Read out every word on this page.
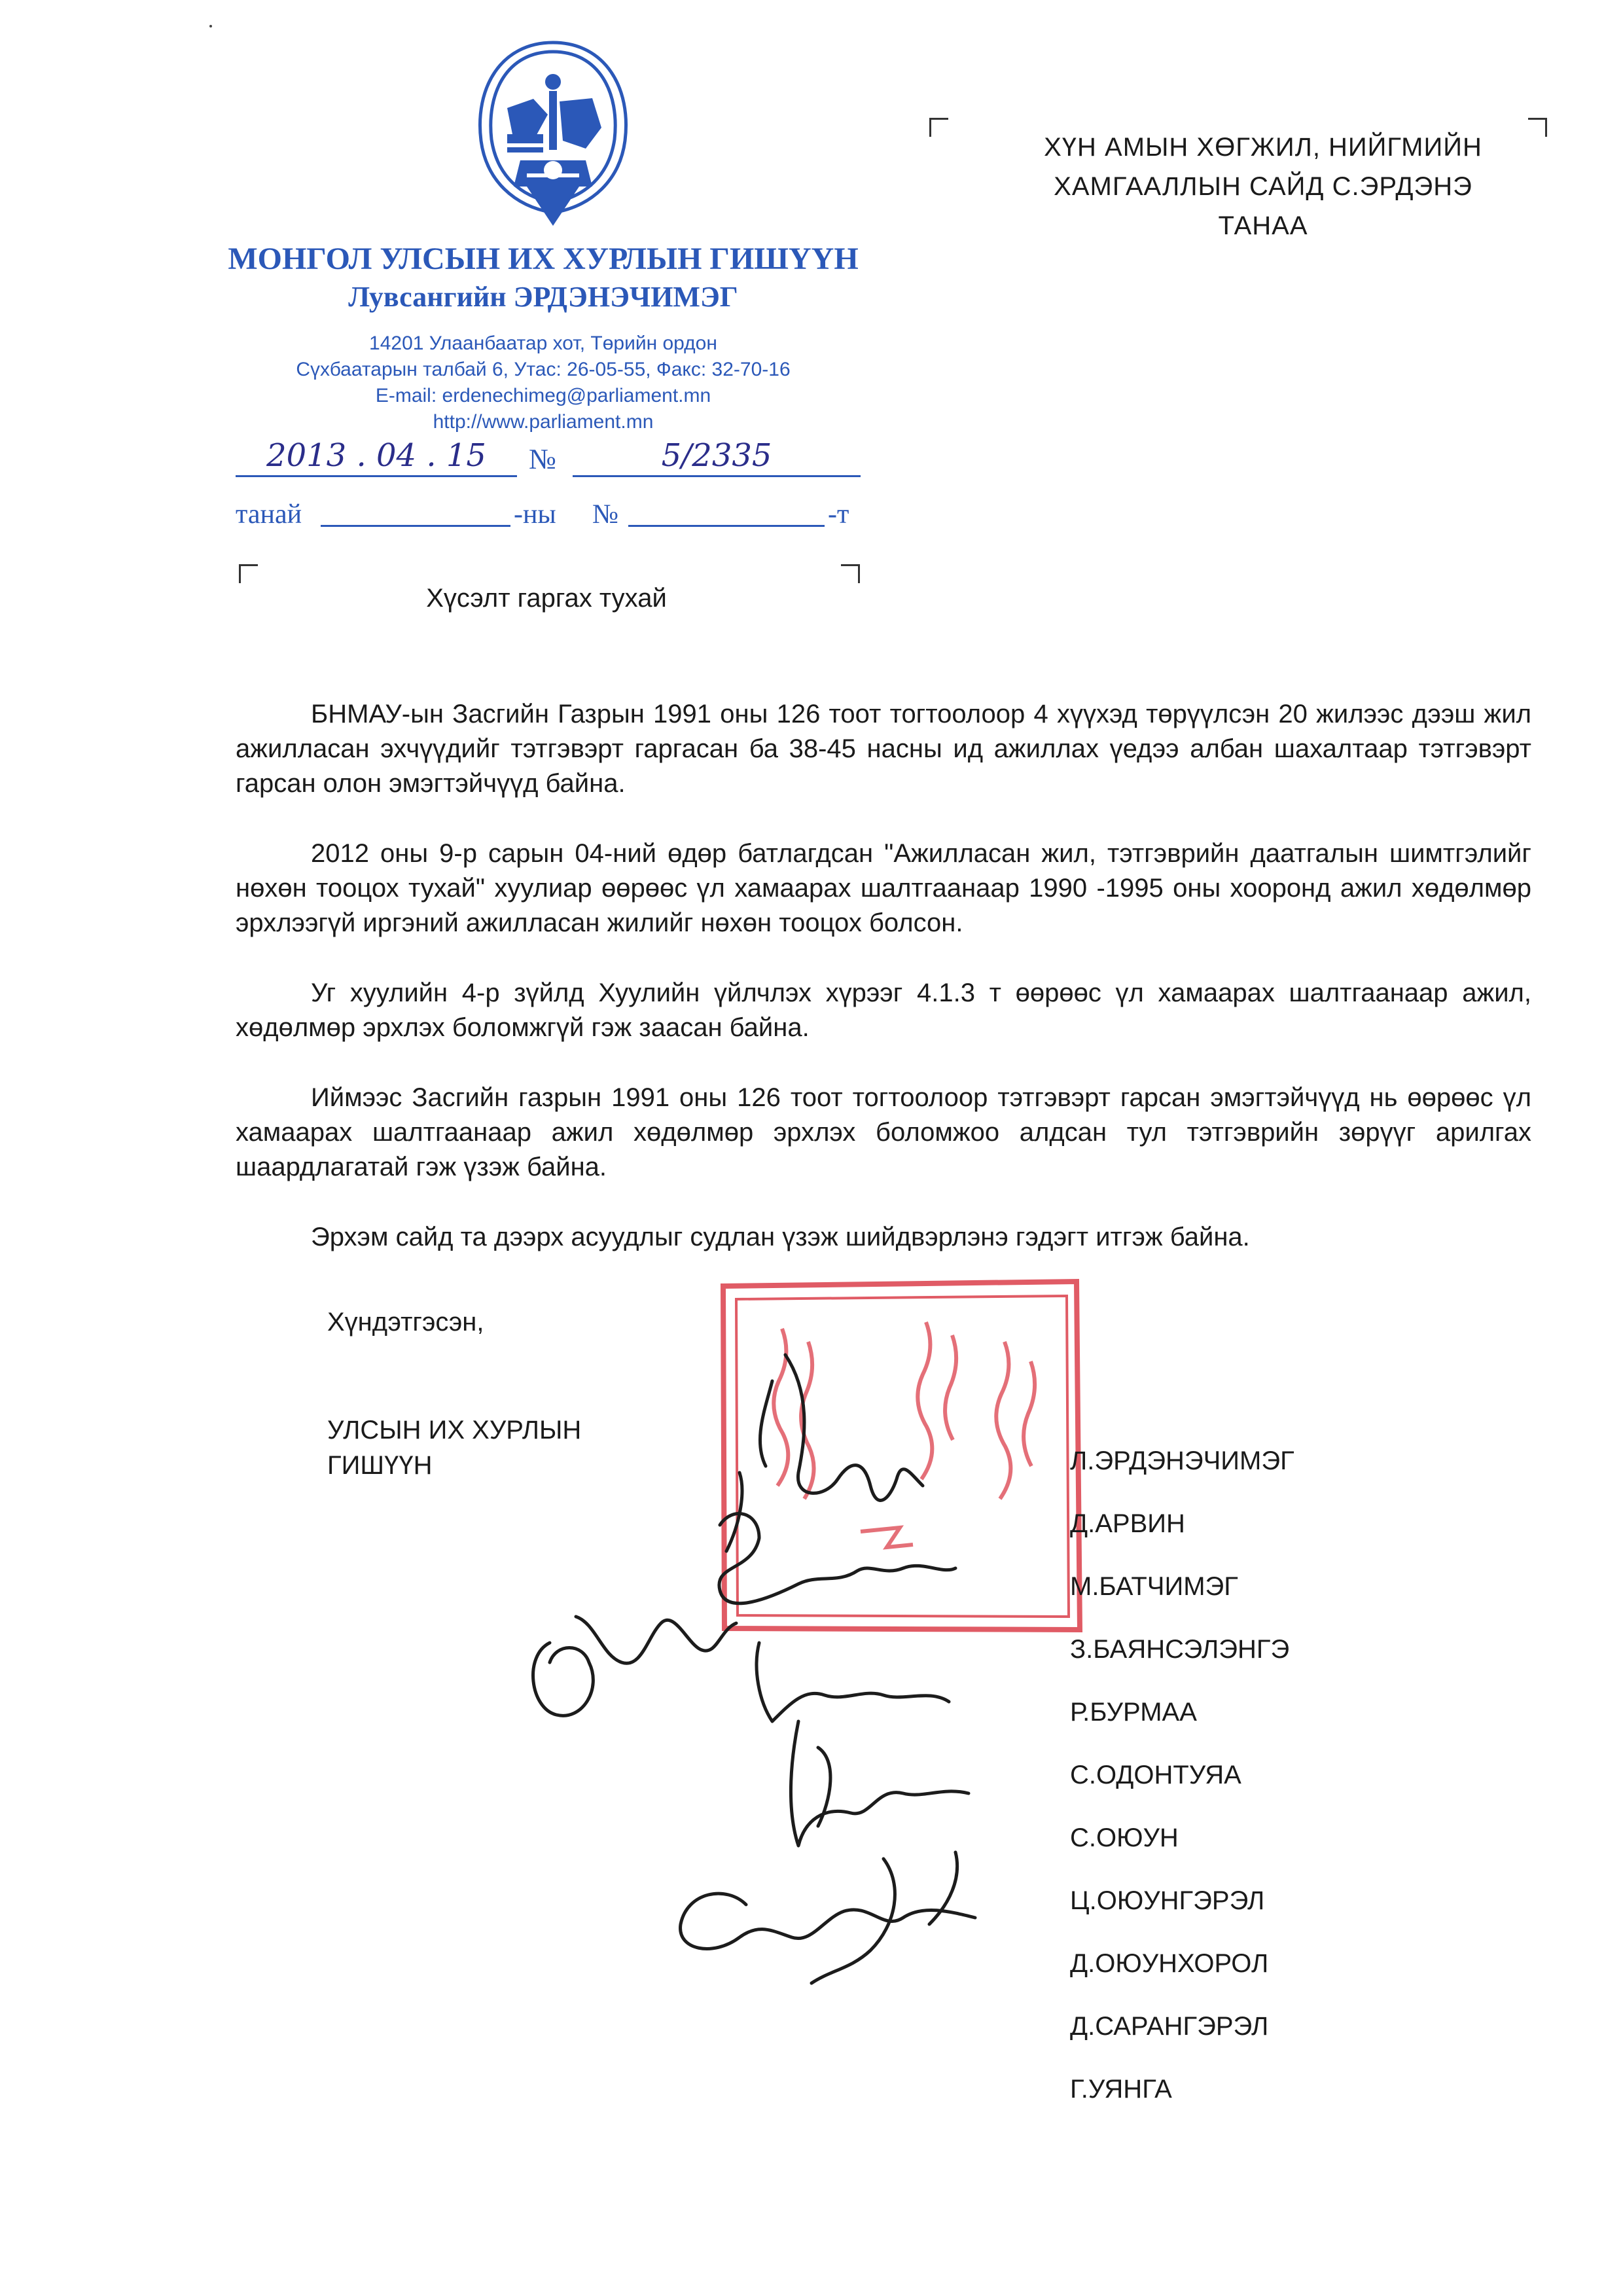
МОНГОЛ УЛСЫН ИХ ХУРЛЫН ГИШҮҮН
Лувсангийн ЭРДЭНЭЧИМЭГ
14201 Улаанбаатар хот, Төрийн ордон
Сүхбаатарын талбай 6, Утас: 26-05-55, Факс: 32-70-16
E-mail: erdenechimeg@parliament.mn
http://www.parliament.mn
2013 . 04 . 15	№	5/2335
танай	-ны №	-т
ХҮН АМЫН ХӨГЖИЛ, НИЙГМИЙН
ХАМГААЛЛЫН САЙД С.ЭРДЭНЭ
ТАНАА
Хүсэлт гаргах тухай

БНМАУ-ын Засгийн Газрын 1991 оны 126 тоот тогтоолоор 4 хүүхэд төрүүлсэн 20 жилээс дээш жил ажилласан эхчүүдийг тэтгэвэрт гаргасан ба 38-45 насны ид ажиллах үедээ албан шахалтаар тэтгэвэрт гарсан олон эмэгтэйчүүд байна.

2012 оны 9-р сарын 04-ний өдөр батлагдсан "Ажилласан жил, тэтгэврийн даатгалын шимтгэлийг нөхөн тооцох тухай" хуулиар өөрөөс үл хамаарах шалтгаанаар 1990 -1995 оны хооронд ажил хөдөлмөр эрхлээгүй иргэний ажилласан жилийг нөхөн тооцох болсон.

Уг хуулийн 4-р зүйлд Хуулийн үйлчлэх хүрээг 4.1.3 т өөрөөс үл хамаарах шалтгаанаар ажил, хөдөлмөр эрхлэх боломжгүй гэж заасан байна.

Иймээс Засгийн газрын 1991 оны 126 тоот тогтоолоор тэтгэвэрт гарсан эмэгтэйчүүд нь өөрөөс үл хамаарах шалтгаанаар ажил хөдөлмөр эрхлэх боломжоо алдсан тул тэтгэврийн зөрүүг арилгах шаардлагатай гэж үзэж байна.

Эрхэм сайд та дээрх асуудлыг судлан үзэж шийдвэрлэнэ гэдэгт итгэж байна.

Хүндэтгэсэн,
УЛСЫН ИХ ХУРЛЫН
ГИШҮҮН	Л.ЭРДЭНЭЧИМЭГ
Д.АРВИН
М.БАТЧИМЭГ
З.БАЯНСЭЛЭНГЭ
Р.БУРМАА
С.ОДОНТУЯА
С.ОЮУН
Ц.ОЮУНГЭРЭЛ
Д.ОЮУНХОРОЛ
Д.САРАНГЭРЭЛ
Г.УЯНГА
